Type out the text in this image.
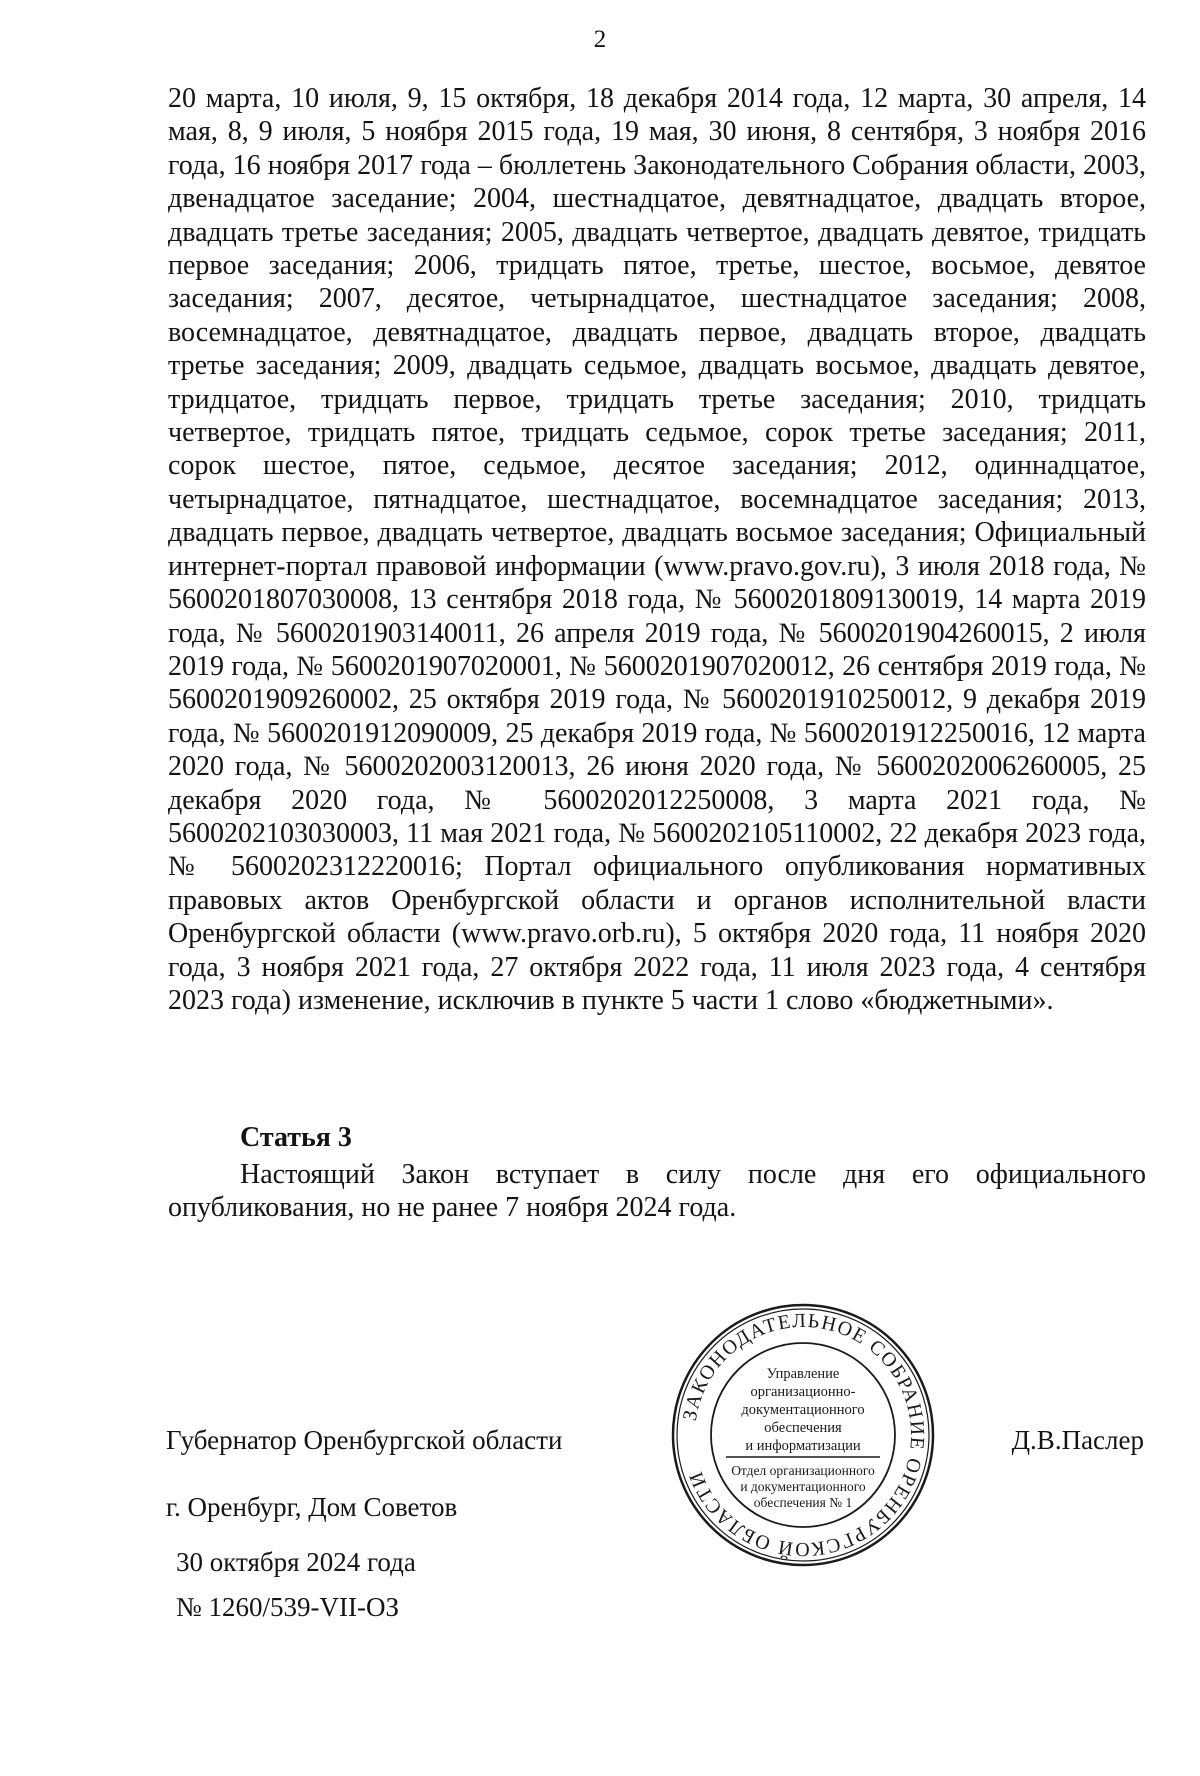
2

20 марта, 10 июля, 9, 15 октября, 18 декабря 2014 года, 12 марта, 30 апреля, 14 мая, 8, 9 июля, 5 ноября 2015 года, 19 мая, 30 июня, 8 сентября, 3 ноября 2016 года, 16 ноября 2017 года – бюллетень Законодательного Собрания области, 2003, двенадцатое заседание; 2004, шестнадцатое, девятнадцатое, двадцать второе, двадцать третье заседания; 2005, двадцать четвертое, двадцать девятое, тридцать первое заседания; 2006, тридцать пятое, третье, шестое, восьмое, девятое заседания; 2007, десятое, четырнадцатое, шестнадцатое заседания; 2008, восемнадцатое, девятнадцатое, двадцать первое, двадцать второе, двадцать третье заседания; 2009, двадцать седьмое, двадцать восьмое, двадцать девятое, тридцатое, тридцать первое, тридцать третье заседания; 2010, тридцать четвертое, тридцать пятое, тридцать седьмое, сорок третье заседания; 2011, сорок шестое, пятое, седьмое, десятое заседания; 2012, одиннадцатое, четырнадцатое, пятнадцатое, шестнадцатое, восемнадцатое заседания; 2013, двадцать первое, двадцать четвертое, двадцать восьмое заседания; Официальный интернет-портал правовой информации (www.pravo.gov.ru), 3 июля 2018 года, № 5600201807030008, 13 сентября 2018 года, № 5600201809130019, 14 марта 2019 года, № 5600201903140011, 26 апреля 2019 года, № 5600201904260015, 2 июля 2019 года, № 5600201907020001, № 5600201907020012, 26 сентября 2019 года, № 5600201909260002, 25 октября 2019 года, № 5600201910250012, 9 декабря 2019 года, № 5600201912090009, 25 декабря 2019 года, № 5600201912250016, 12 марта 2020 года, № 5600202003120013, 26 июня 2020 года, № 5600202006260005, 25 декабря 2020 года, № 5600202012250008, 3 марта 2021 года, № 5600202103030003, 11 мая 2021 года, № 5600202105110002, 22 декабря 2023 года, № 5600202312220016; Портал официального опубликования нормативных правовых актов Оренбургской области и органов исполнительной власти Оренбургской области (www.pravo.orb.ru), 5 октября 2020 года, 11 ноября 2020 года, 3 ноября 2021 года, 27 октября 2022 года, 11 июля 2023 года, 4 сентября 2023 года) изменение, исключив в пункте 5 части 1 слово «бюджетными».

Статья 3

Настоящий Закон вступает в силу после дня его официального опубликования, но не ранее 7 ноября 2024 года.

Губернатор Оренбургской области
ЗАКОНОДАТЕЛЬНОЕ СОБРАНИЕ ОРЕНБУРГСКОЙ ОБЛАСТИ
Управление
организационно-
документационного
обеспечения
и информатизации
Отдел организационного
и документационного
обеспечения № 1
Д.В.Паслер
г. Оренбург, Дом Советов
30 октября 2024 года
№ 1260/539-VII-ОЗ
